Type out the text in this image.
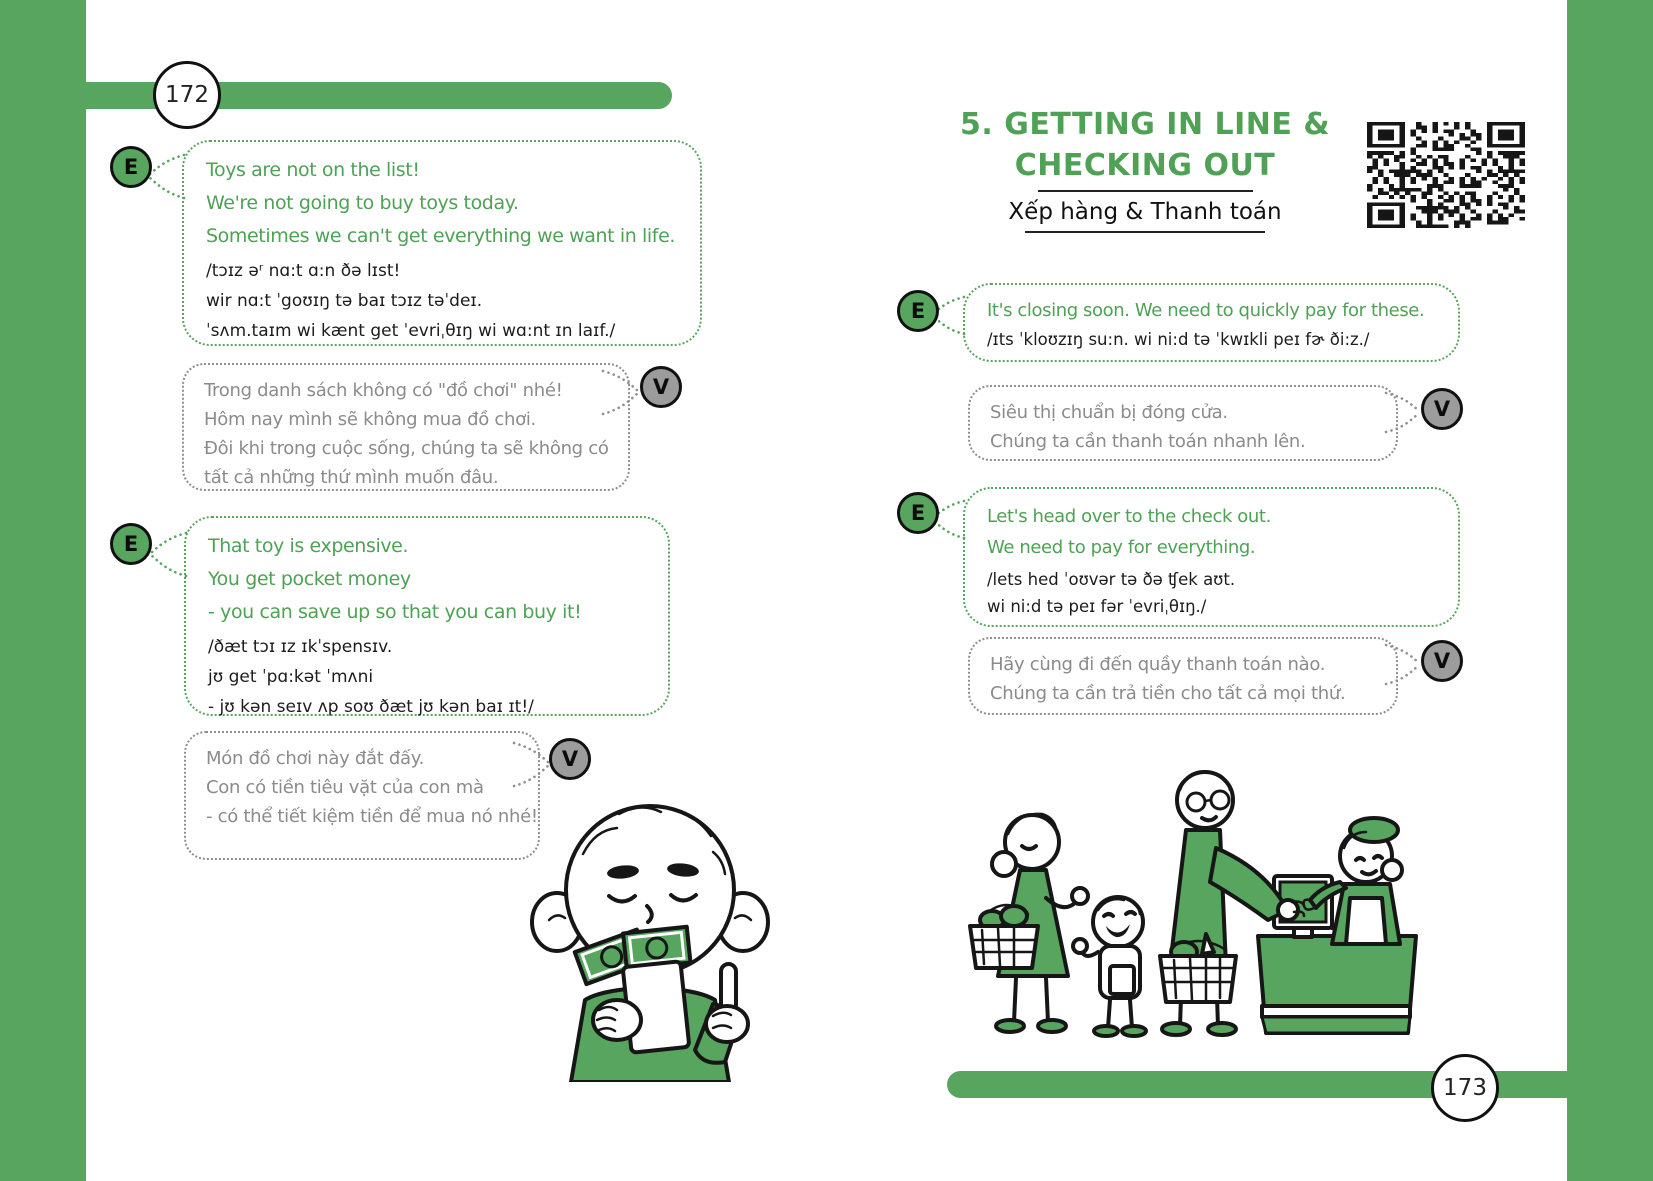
172
173
E	Toys are not on the list!
We're not going to buy toys today.
Sometimes we can't get everything we want in life.
/tɔɪz əʳ nɑ:t ɑ:n ðə lɪst!
wir nɑ:t ˈgoʊɪŋ tə baɪ tɔɪz təˈdeɪ.
ˈsʌm.taɪm wi kænt get ˈevriˌθɪŋ wi wɑ:nt ɪn laɪf./
Trong danh sách không có "đồ chơi" nhé!
Hôm nay mình sẽ không mua đồ chơi.
Đôi khi trong cuộc sống, chúng ta sẽ không có
tất cả những thứ mình muốn đâu.
V
E	That toy is expensive.
You get pocket money
- you can save up so that you can buy it!
/ðæt tɔɪ ɪz ɪkˈspensɪv.
jʊ get ˈpɑ:kət ˈmʌni
- jʊ kən seɪv ʌp soʊ ðæt jʊ kən baɪ ɪt!/
Món đồ chơi này đắt đấy.
Con có tiền tiêu vặt của con mà
- có thể tiết kiệm tiền để mua nó nhé!
V
5. GETTING IN LINE &
CHECKING OUT
Xếp hàng & Thanh toán
E	It's closing soon. We need to quickly pay for these.
/ɪts ˈkloʊzɪŋ su:n. wi ni:d tə ˈkwɪkli peɪ fɚ ði:z./
Siêu thị chuẩn bị đóng cửa.
Chúng ta cần thanh toán nhanh lên.
V
E	Let's head over to the check out.
We need to pay for everything.
/lets hed ˈoʊvər tə ðə ʧek aʊt.
wi ni:d tə peɪ fər ˈevriˌθɪŋ./
Hãy cùng đi đến quầy thanh toán nào.
Chúng ta cần trả tiền cho tất cả mọi thứ.
V
